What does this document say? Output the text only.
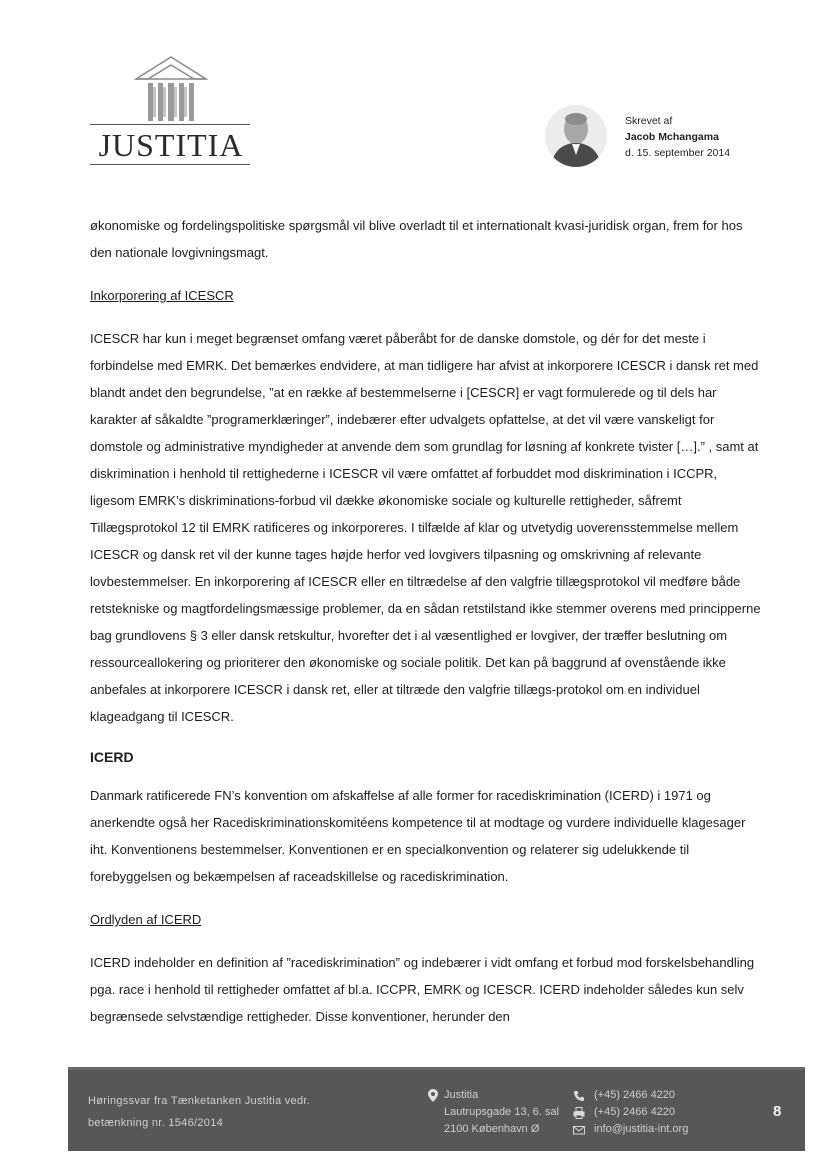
JUSTITIA
Skrevet af
Jacob Mchangama
d. 15. september 2014

økonomiske og fordelingspolitiske spørgsmål vil blive overladt til et internationalt kvasi-juridisk organ, frem for hos den nationale lovgivningsmagt.

Inkorporering af ICESCR

ICESCR har kun i meget begrænset omfang været påberåbt for de danske domstole, og dér for det meste i forbindelse med EMRK. Det bemærkes endvidere, at man tidligere har afvist at inkorporere ICESCR i dansk ret med blandt andet den begrundelse, ”at en række af bestemmelserne i [CESCR] er vagt formulerede og til dels har karakter af såkaldte ”programerklæringer”, indebærer efter udvalgets opfattelse, at det vil være vanskeligt for domstole og administrative myndigheder at anvende dem som grundlag for løsning af konkrete tvister […].” , samt at diskrimination i henhold til rettighederne i ICESCR vil være omfattet af forbuddet mod diskrimination i ICCPR, ligesom EMRK’s diskriminations-forbud vil dække økonomiske sociale og kulturelle rettigheder, såfremt Tillægsprotokol 12 til EMRK ratificeres og inkorporeres. I tilfælde af klar og utvetydig uoverensstemmelse mellem ICESCR og dansk ret vil der kunne tages højde herfor ved lovgivers tilpasning og omskrivning af relevante lovbestemmelser. En inkorporering af ICESCR eller en tiltrædelse af den valgfrie tillægsprotokol vil medføre både retstekniske og magtfordelingsmæssige problemer, da en sådan retstilstand ikke stemmer overens med principperne bag grundlovens § 3 eller dansk retskultur, hvorefter det i al væsentlighed er lovgiver, der træffer beslutning om ressourceallokering og prioriterer den økonomiske og sociale politik. Det kan på baggrund af ovenstående ikke anbefales at inkorporere ICESCR i dansk ret, eller at tiltræde den valgfrie tillægs-protokol om en individuel klageadgang til ICESCR.

ICERD

Danmark ratificerede FN’s konvention om afskaffelse af alle former for racediskrimination (ICERD) i 1971 og anerkendte også her Racediskriminationskomitéens kompetence til at modtage og vurdere individuelle klagesager iht. Konventionens bestemmelser. Konventionen er en specialkonvention og relaterer sig udelukkende til forebyggelsen og bekæmpelsen af raceadskillelse og racediskrimination.

Ordlyden af ICERD

ICERD indeholder en definition af ”racediskrimination” og indebærer i vidt omfang et forbud mod forskelsbehandling pga. race i henhold til rettigheder omfattet af bl.a. ICCPR, EMRK og ICESCR. ICERD indeholder således kun selv begrænsede selvstændige rettigheder. Disse konventioner, herunder den

Høringssvar fra Tænketanken Justitia vedr.
betænkning nr. 1546/2014
Justitia
Lautrupsgade 13, 6. sal
2100 København Ø
(+45) 2466 4220
(+45) 2466 4220
info@justitia-int.org
8
